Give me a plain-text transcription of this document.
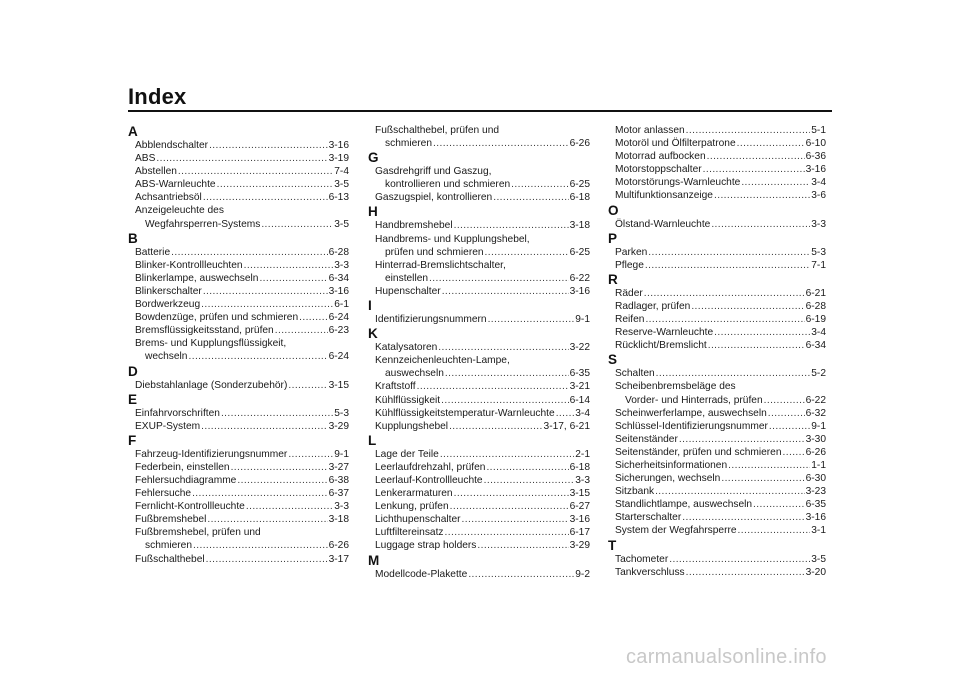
Index
A
Abblendschalter .....	3-16
ABS .....	3-19
Abstellen .....	7-4
ABS-Warnleuchte .....	3-5
Achsantriebsöl .....	6-13
Anzeigeleuchte des
Wegfahrsperren-Systems .....	3-5
B
Batterie .....	6-28
Blinker-Kontrollleuchten .....	3-3
Blinkerlampe, auswechseln .....	6-34
Blinkerschalter .....	3-16
Bordwerkzeug .....	6-1
Bowdenzüge, prüfen und schmieren .....	6-24
Bremsflüssigkeitsstand, prüfen .....	6-23
Brems- und Kupplungsflüssigkeit,
wechseln .....	6-24
D
Diebstahlanlage (Sonderzubehör) .....	3-15
E
Einfahrvorschriften .....	5-3
EXUP-System .....	3-29
F
Fahrzeug-Identifizierungsnummer .....	9-1
Federbein, einstellen .....	3-27
Fehlersuchdiagramme .....	6-38
Fehlersuche .....	6-37
Fernlicht-Kontrollleuchte .....	3-3
Fußbremshebel .....	3-18
Fußbremshebel, prüfen und
schmieren .....	6-26
Fußschalthebel .....	3-17
Fußschalthebel, prüfen und
schmieren .....	6-26
G
Gasdrehgriff und Gaszug,
kontrollieren und schmieren .....	6-25
Gaszugspiel, kontrollieren .....	6-18
H
Handbremshebel .....	3-18
Handbrems- und Kupplungshebel,
prüfen und schmieren .....	6-25
Hinterrad-Bremslichtschalter,
einstellen .....	6-22
Hupenschalter .....	3-16
I
Identifizierungsnummern .....	9-1
K
Katalysatoren .....	3-22
Kennzeichenleuchten-Lampe,
auswechseln .....	6-35
Kraftstoff .....	3-21
Kühlflüssigkeit .....	6-14
Kühlflüssigkeitstemperatur-Warnleuchte ..... 3-4
Kupplungshebel .....	3-17, 6-21
L
Lage der Teile .....	2-1
Leerlaufdrehzahl, prüfen .....	6-18
Leerlauf-Kontrollleuchte .....	3-3
Lenkerarmaturen .....	3-15
Lenkung, prüfen .....	6-27
Lichthupenschalter .....	3-16
Luftfiltereinsatz .....	6-17
Luggage strap holders .....	3-29
M
Modellcode-Plakette .....	9-2
Motor anlassen .....	5-1
Motoröl und Ölfilterpatrone .....	6-10
Motorrad aufbocken .....	6-36
Motorstoppschalter .....	3-16
Motorstörungs-Warnleuchte .....	3-4
Multifunktionsanzeige .....	3-6
O
Ölstand-Warnleuchte .....	3-3
P
Parken .....	5-3
Pflege .....	7-1
R
Räder .....	6-21
Radlager, prüfen .....	6-28
Reifen .....	6-19
Reserve-Warnleuchte .....	3-4
Rücklicht/Bremslicht .....	6-34
S
Schalten .....	5-2
Scheibenbremsbeläge des
Vorder- und Hinterrads, prüfen .....	6-22
Scheinwerferlampe, auswechseln .....	6-32
Schlüssel-Identifizierungsnummer .....	9-1
Seitenständer .....	3-30
Seitenständer, prüfen und schmieren ..... 6-26
Sicherheitsinformationen .....	1-1
Sicherungen, wechseln .....	6-30
Sitzbank .....	3-23
Standlichtlampe, auswechseln .....	6-35
Starterschalter .....	3-16
System der Wegfahrsperre .....	3-1
T
Tachometer .....	3-5
Tankverschluss .....	3-20
carmanualsonline.info
